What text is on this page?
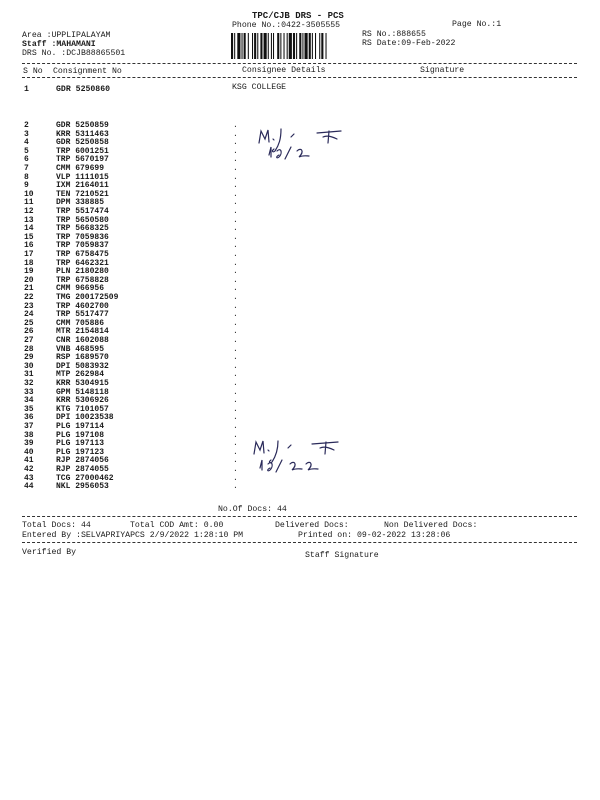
TPC/CJB DRS - PCS
Phone No.:0422-3505555	Page No.:1
Area :UPPLIPALAYAM
Staff :MAHAMANI
DRS No. :DCJB88865501
RS No.:888655
RS Date:09-Feb-2022
S No Consignment No	Consignee Details	Signature
1	GDR 5250860	KSG COLLEGE
2	GDR 5250859	.
3	KRR 5311463	.
4	GDR 5250858	.
5	TRP 6001251	.
6	TRP 5670197	.
7	CMM 679699	.
8	VLP 1111015	.
9	IXM 2164011	.
10	TEN 7210521	.
11	DPM 338885	.
12	TRP 5517474	.
13	TRP 5650580	.
14	TRP 5668325	.
15	TRP 7059836	.
16	TRP 7059837	.
17	TRP 6758475	.
18	TRP 6462321	.
19	PLN 2180280	.
20	TRP 6758828	.
21	CMM 966956	.
22	TMG 200172509	.
23	TRP 4602700	.
24	TRP 5517477	.
25	CMM 705886	.
26	MTR 2154814	.
27	CNR 1602088	.
28	VNB 468595	.
29	RSP 1689570	.
30	DPI 5083932	.
31	MTP 262984	.
32	KRR 5304915	.
33	GPM 5148118	.
34	KRR 5306926	.
35	KTG 7101057	.
36	DPI 10023538	.
37	PLG 197114	.
38	PLG 197108	.
39	PLG 197113	.
40	PLG 197123	.
41	RJP 2874056	.
42	RJP 2874055	.
43	TCG 27000462	.
44	NKL 2956053	.
No.Of Docs: 44
Total Docs: 44	Total COD Amt: 0.00	Delivered Docs:	Non Delivered Docs:
Entered By :SELVAPRIYAPCS 2/9/2022 1:28:10 PM	Printed on: 09-02-2022 13:28:06
Verified By	Staff Signature
